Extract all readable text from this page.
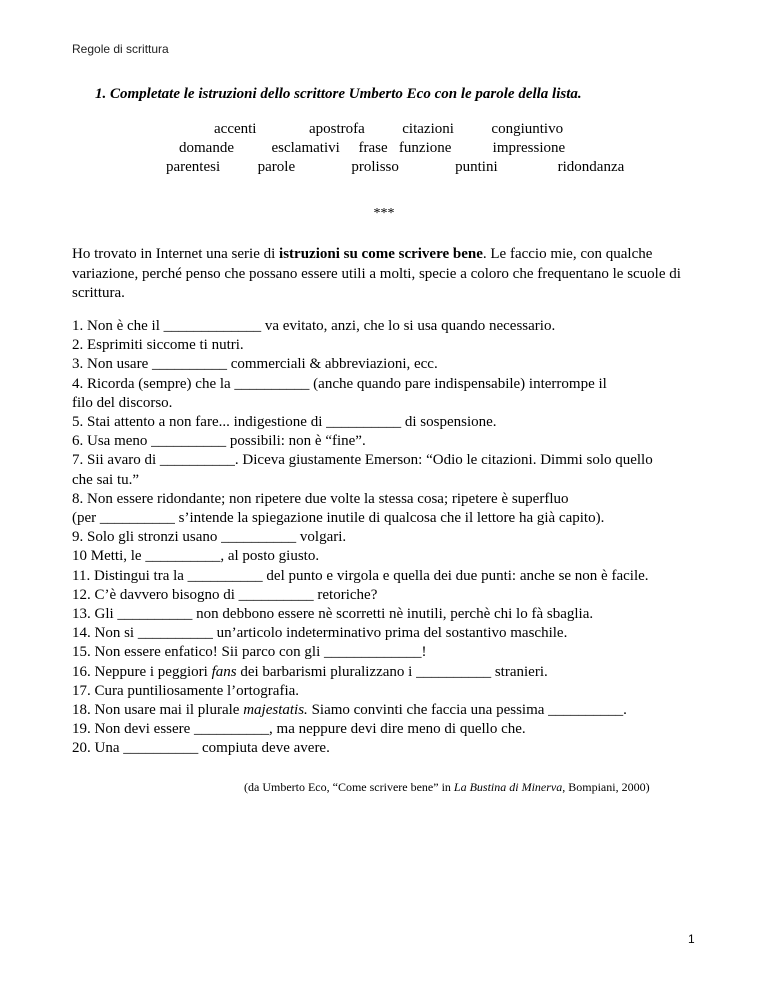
Regole di scrittura
1. Completate le istruzioni dello scrittore Umberto Eco con le parole della lista.
accenti              apostrofa          citazioni          congiuntivo
domande          esclamativi     frase   funzione           impressione
parentesi          parole               prolisso               puntini                ridondanza
***
Ho trovato in Internet una serie di istruzioni su come scrivere bene. Le faccio mie, con qualche variazione, perché penso che possano essere utili a molti, specie a coloro che frequentano le scuole di scrittura.
1. Non è che il _____________ va evitato, anzi, che lo si usa quando necessario.
2. Esprimiti siccome ti nutri.
3. Non usare __________ commerciali & abbreviazioni, ecc.
4. Ricorda (sempre) che la __________ (anche quando pare indispensabile) interrompe il
filo del discorso.
5. Stai attento a non fare... indigestione di __________ di sospensione.
6. Usa meno __________ possibili: non è “fine”.
7. Sii avaro di __________. Diceva giustamente Emerson: “Odio le citazioni. Dimmi solo quello
che sai tu.”
8. Non essere ridondante; non ripetere due volte la stessa cosa; ripetere è superfluo
(per __________ s’intende la spiegazione inutile di qualcosa che il lettore ha già capito).
9. Solo gli stronzi usano __________ volgari.
10 Metti, le __________, al posto giusto.
11. Distingui tra la __________ del punto e virgola e quella dei due punti: anche se non è facile.
12. C’è davvero bisogno di __________ retoriche?
13. Gli __________ non debbono essere nè scorretti nè inutili, perchè chi lo fà sbaglia.
14. Non si __________ un’articolo indeterminativo prima del sostantivo maschile.
15. Non essere enfatico! Sii parco con gli _____________!
16. Neppure i peggiori fans dei barbarismi pluralizzano i __________ stranieri.
17. Cura puntiliosamente l’ortografia.
18. Non usare mai il plurale majestatis. Siamo convinti che faccia una pessima __________.
19. Non devi essere __________, ma neppure devi dire meno di quello che.
20. Una __________ compiuta deve avere.
(da Umberto Eco, “Come scrivere bene” in La Bustina di Minerva, Bompiani, 2000)
1
